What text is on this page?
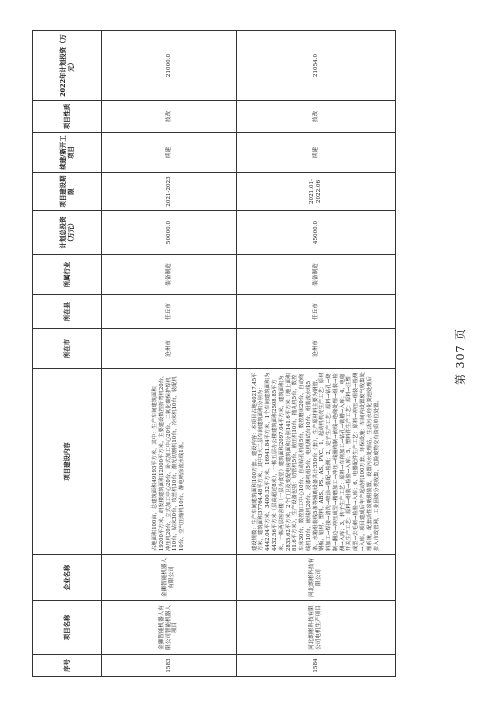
序号	项目名称	企业名称	项目建设内容	所在市	所在县	所属行业	计划总投资（万元）	项目建设期限	续建/新开工项目	项目性质	2022年计划投资（万元）
1583	金狮智能机器人有限公司智能机器人项目	金狮智能机器人有限公司	占地面积100亩，总建筑面积49193平方米，其中：生产车间建筑面积19200平方米，研发楼建筑面积12000平方米。主要建设数控折弯机20台、冲压机20台、立式加工中心20台、卧式加工中心20台、二氧化碳保护焊机110台、钻床30台、攻丝机10台、激光切割机10台、冷床机10台、装配机10台、空气压缩机10台、静电喷涂流水线1条。	沧州市	任丘市	装备制造	50000.0	2021-2023	续建	技改	21000.0
1584	河北朗彬科技有限公司电机生产项目	河北朗彬科技有限公司	建设规模：生产车间建筑面积100万套。建设内容：本项目占地40217.45平方米，建筑面积37764.48平方米，其中3大二层车间建筑面积分别为：4442.04平方米、3400.32平方米、16941.84平方米，1个车间建筑面积为4432.56平方米（层高超过8米），一栋五层办公楼建筑面积2508.85平方米，一栋两层宿舍楼（一层为食堂）建筑面积2097.04平方米，建筑面积为2835.62平方米，2个门卫及变配电房建筑面积分别141.6平方米（地上面积81.6平方米），生产设备包括：切管机5台、液压机10台、抛丸机5台、数控车床30台、数控加工中心10台、自动钻孔机组5台，数控磨床20台、自动绕线机10台、嵌线机20台、浸漆机组5台、电机测试台10台、组装流水线5条、水箱组装线5条等辅助设备共计350台（套），生产原材料主要为钢管、钢板、铝材、塑料、ABS、PS、AS、PVC、1、起动机机壳生产工艺：原材料加工→焊接→清洗→喷涂→装配→检测；2、定子生产工艺：原料→钻孔→烧制→翻边→冲压成型→精磨加工→冲压→线圈绕制→嵌线→绝缘处理→组装→检测→入库；3、转子生产工艺：原料→车削加工→钻孔→铣槽→入库；4、电磁开关生产工艺：原料→组装→检验→入库；5、塑料件生产工艺：原料→注塑成型→去毛刺→检验→入库；6、电器配件生产工艺：原料→冲压→组装→检测→入库。项目建成后年产起动机100万套，环保设施：车间内设置废气收集处理系统，配套活性炭吸附装置，设置污水处理站，生活污水经化粪池处理后排入市政管网，工业固废分类收集，危险废物交有资质单位处置。	沧州市	任丘市	装备制造	45000.0	2021.01-2022.06	续建	技改	21054.0
第 307 页
